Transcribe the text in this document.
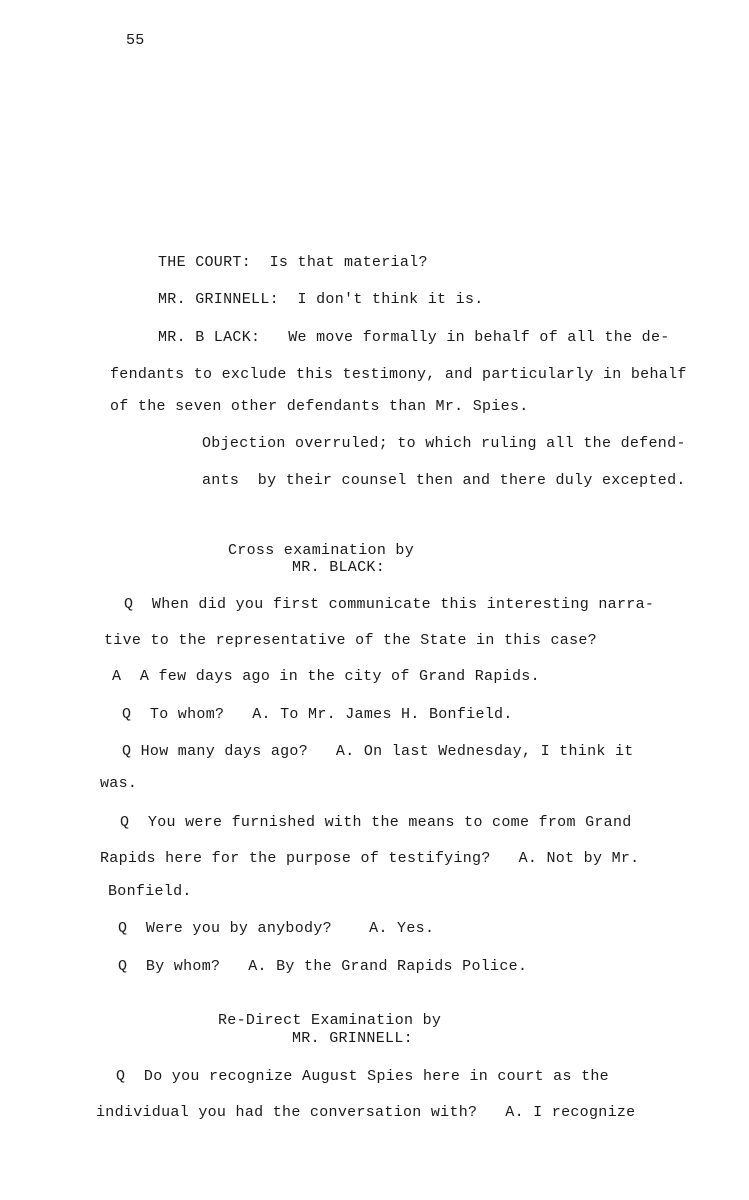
55
THE COURT:  Is that material?
MR. GRINNELL:  I don't think it is.
MR. B LACK:   We move formally in behalf of all the de-
fendants to exclude this testimony, and particularly in behalf
of the seven other defendants than Mr. Spies.
Objection overruled; to which ruling all the defend-
ants  by their counsel then and there duly excepted.
Cross examination by
MR. BLACK:
Q  When did you first communicate this interesting narra-
tive to the representative of the State in this case?
A  A few days ago in the city of Grand Rapids.
Q  To whom?   A. To Mr. James H. Bonfield.
Q How many days ago?   A. On last Wednesday, I think it
was.
Q  You were furnished with the means to come from Grand
Rapids here for the purpose of testifying?   A. Not by Mr.
Bonfield.
Q  Were you by anybody?    A. Yes.
Q  By whom?   A. By the Grand Rapids Police.
Re-Direct Examination by
MR. GRINNELL:
Q  Do you recognize August Spies here in court as the
individual you had the conversation with?   A. I recognize
